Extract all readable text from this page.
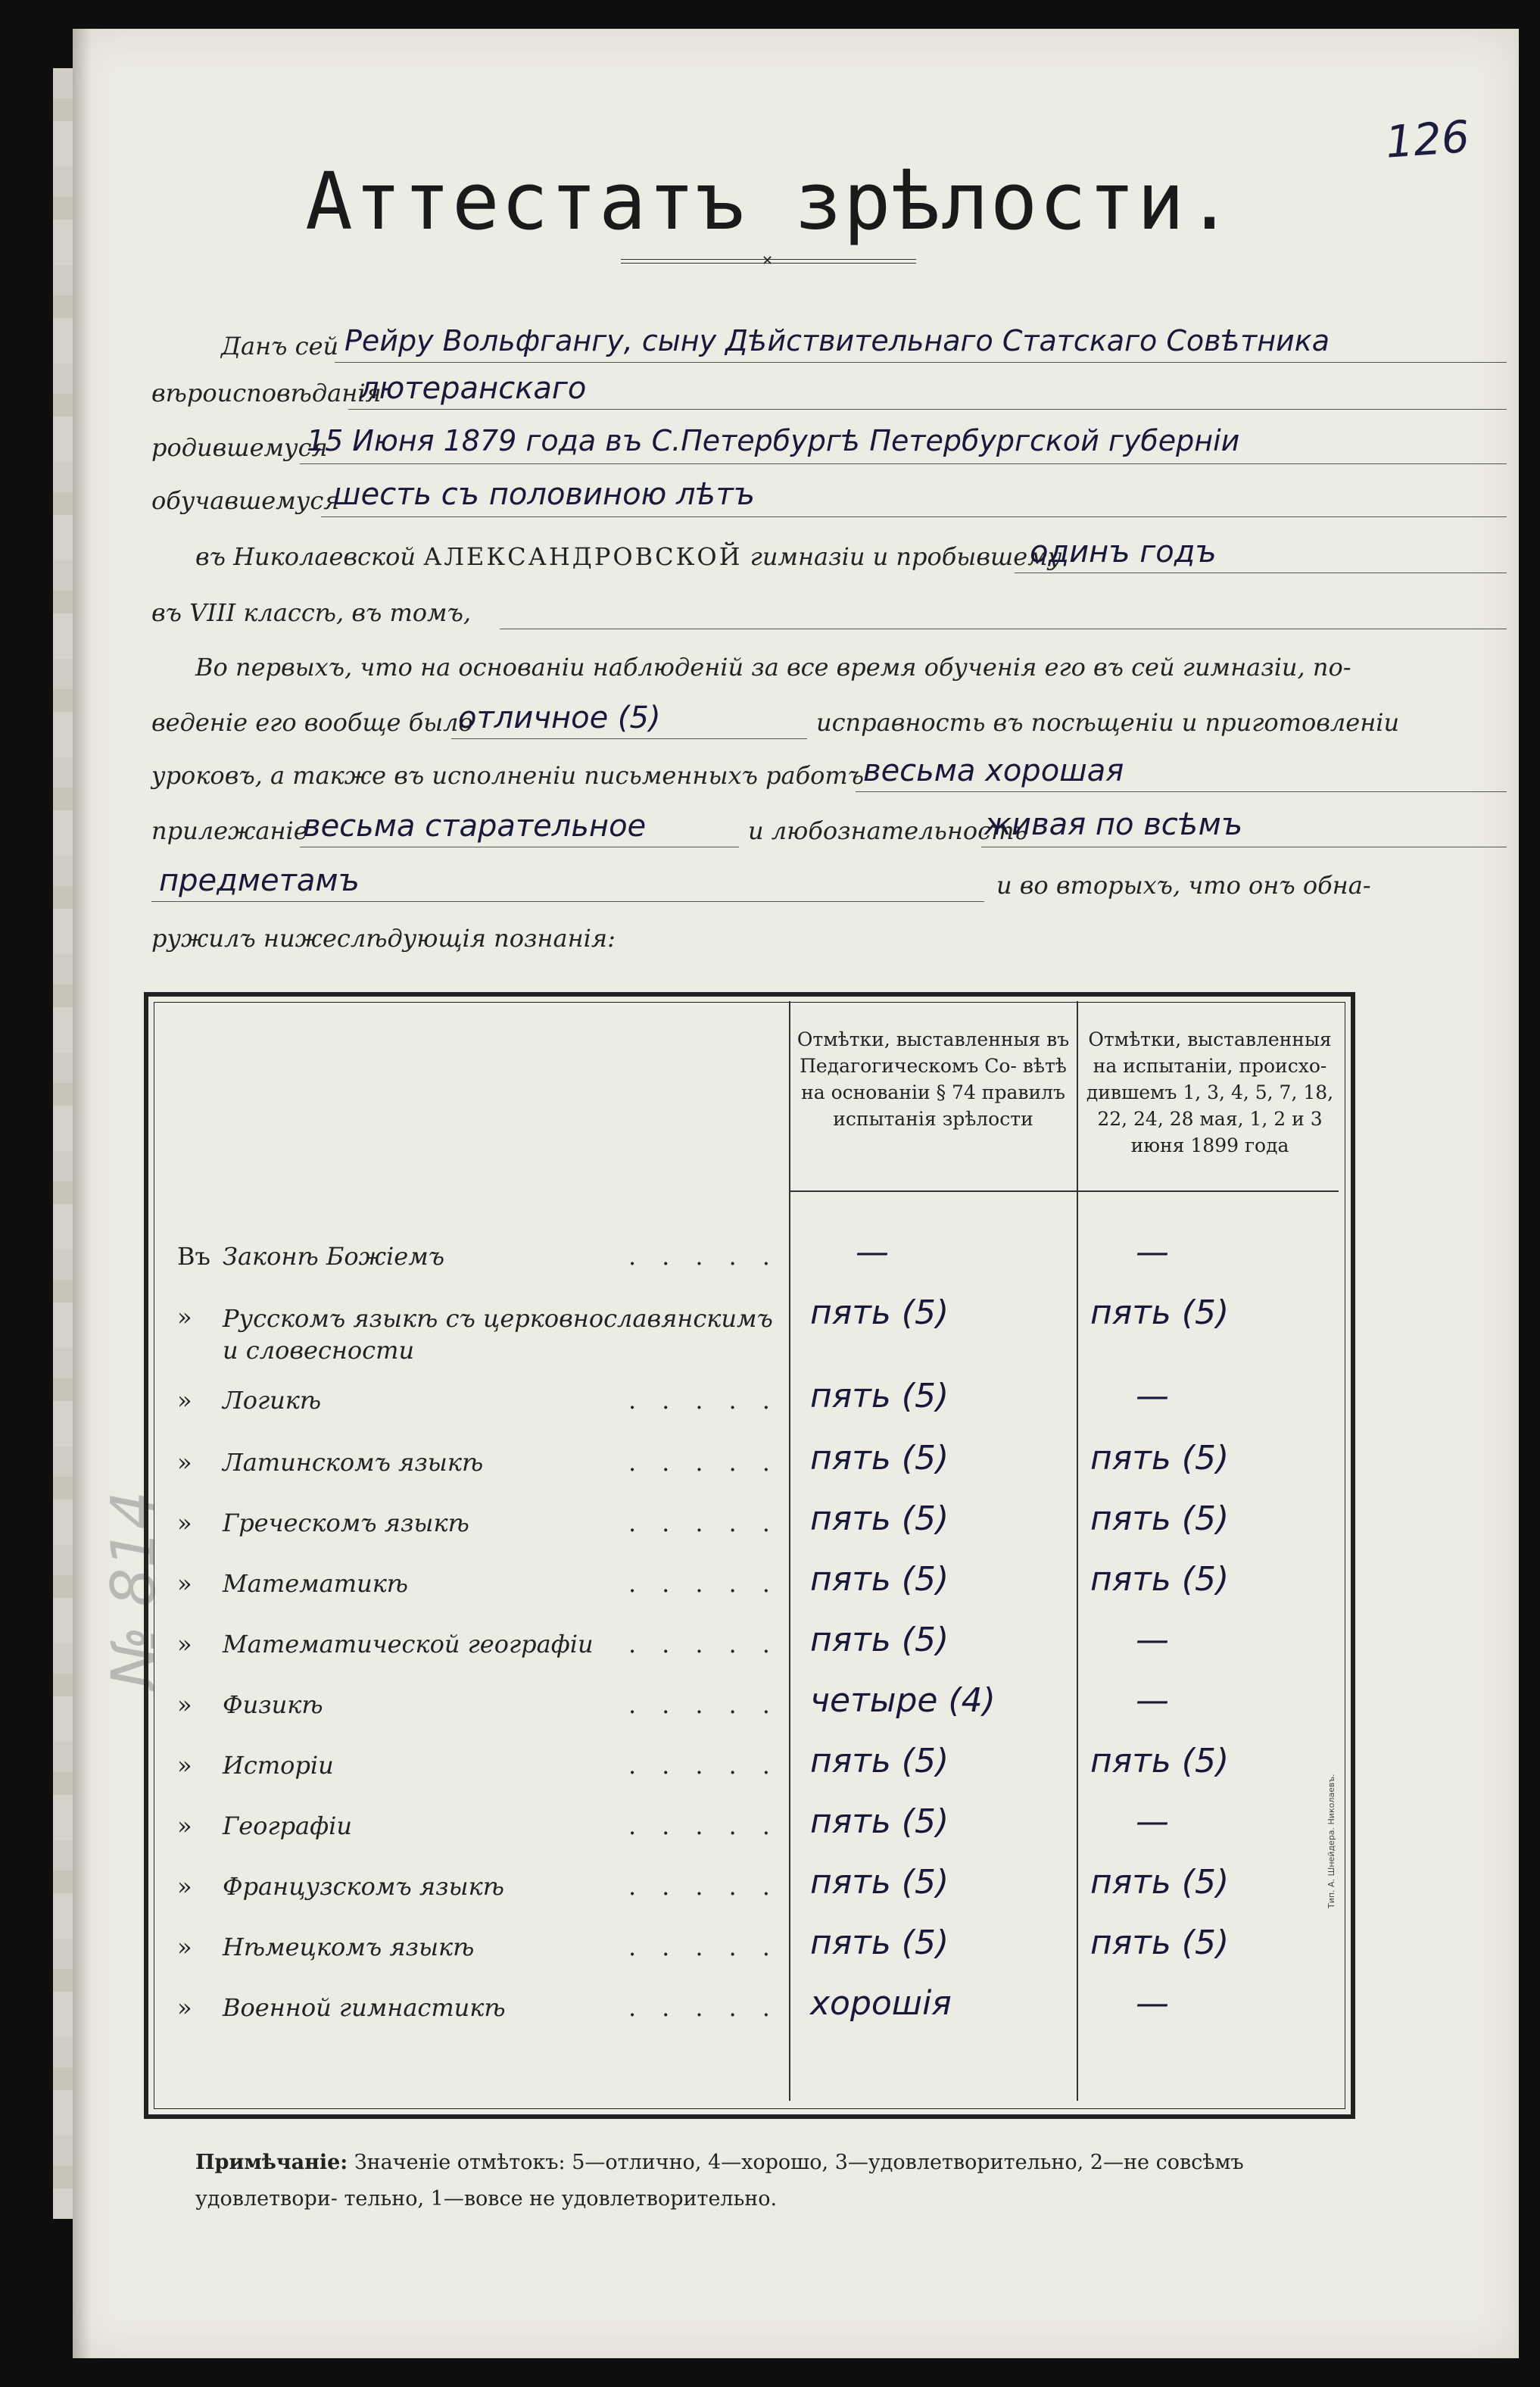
126
№ 814
Аттестатъ зрѣлости.
✕
Данъ сей Рейру Вольфгангу, сыну Дѣйствительнаго Статскаго Совѣтника
вѣроисповѣданія
лютеранскаго
родившемуся
15 Июня 1879 года въ С.Петербургѣ Петербургской губерніи
обучавшемуся
шесть съ половиною лѣтъ
въ Николаевской АЛЕКСАНДРОВСКОЙ гимназіи и пробывшему
одинъ годъ
въ VIII классѣ, въ томъ,
Во первыхъ, что на основаніи наблюденій за все время обученія его въ сей гимназіи, по-
веденіе его вообще было
отличное (5)	исправность въ посѣщеніи и приготовленіи
уроковъ, а также въ исполненіи письменныхъ работъ
весьма хорошая
прилежаніе
весьма старательное	и любознательность
живая по всѣмъ
предметамъ	и во вторыхъ, что онъ обна-
ружилъ нижеслѣдующія познанія:
Отмѣтки, выставленныя въ Педагогическомъ Со- вѣтѣ на основаніи § 74 правилъ испытанія зрѣлости
Отмѣтки, выставленныя на испытаніи, происхо- дившемъ 1, 3, 4, 5, 7, 18, 22, 24, 28 мая, 1, 2 и 3 июня 1899 года
Въ Законѣ Божіемъ	..... —	—
» Русскомъ языкѣ съ церковнославянскимъ и словесности
пять (5)	пять (5)
» Логикѣ	..... пять (5)	—
» Латинскомъ языкѣ	..... пять (5)	пять (5)
» Греческомъ языкѣ	..... пять (5)	пять (5)
» Математикѣ	..... пять (5)	пять (5)
» Математической географіи ..... пять (5)	—
» Физикѣ	..... четыре (4)	—
» Исторіи	..... пять (5)	пять (5)
» Географіи	..... пять (5)	—
» Французскомъ языкѣ	..... пять (5)	пять (5)
» Нѣмецкомъ языкѣ	..... пять (5)	пять (5)
» Военной гимнастикѣ	..... хорошія	—
Тип. А. Шнейдера. Николаевъ.
Примѣчаніе: Значеніе отмѣтокъ: 5—отлично, 4—хорошо, 3—удовлетворительно, 2—не совсѣмъ удовлетвори- тельно, 1—вовсе не удовлетворительно.
